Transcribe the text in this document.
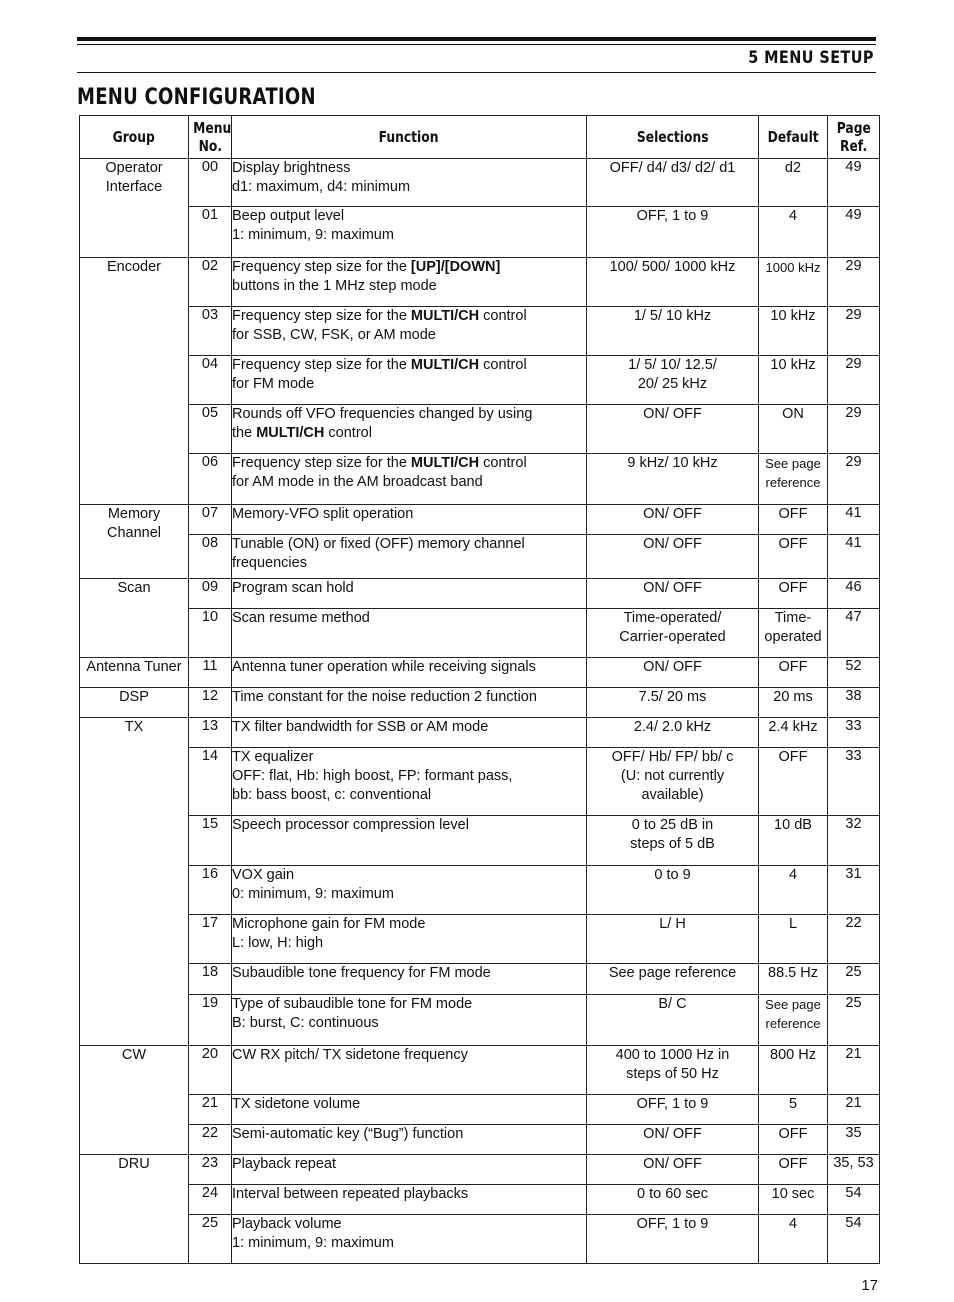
5 MENU SETUP
MENU CONFIGURATION
Group	Menu
No.	Function	Selections	Default	Page
Ref.
Operator Interface	00	Display brightness
d1: maximum, d4: minimum	OFF/ d4/ d3/ d2/ d1	d2	49
	01	Beep output level
1: minimum, 9: maximum	OFF, 1 to 9	4	49
Encoder	02	Frequency step size for the [UP]/[DOWN]
buttons in the 1 MHz step mode	100/ 500/ 1000 kHz	1000 kHz	29
	03	Frequency step size for the MULTI/CH control
for SSB, CW, FSK, or AM mode	1/ 5/ 10 kHz	10 kHz	29
	04	Frequency step size for the MULTI/CH control
for FM mode	1/ 5/ 10/ 12.5/
20/ 25 kHz	10 kHz	29
	05	Rounds off VFO frequencies changed by using
the MULTI/CH control	ON/ OFF	ON	29
	06	Frequency step size for the MULTI/CH control
for AM mode in the AM broadcast band	9 kHz/ 10 kHz	See page
reference	29
Memory Channel	07	Memory-VFO split operation	ON/ OFF	OFF	41
	08	Tunable (ON) or fixed (OFF) memory channel
frequencies	ON/ OFF	OFF	41
Scan	09	Program scan hold	ON/ OFF	OFF	46
	10	Scan resume method	Time-operated/
Carrier-operated	Time-
operated	47
Antenna Tuner	11	Antenna tuner operation while receiving signals	ON/ OFF	OFF	52
DSP	12	Time constant for the noise reduction 2 function	7.5/ 20 ms	20 ms	38
TX	13	TX filter bandwidth for SSB or AM mode	2.4/ 2.0 kHz	2.4 kHz	33
	14	TX equalizer
OFF: flat, Hb: high boost, FP: formant pass,
bb: bass boost, c: conventional	OFF/ Hb/ FP/ bb/ c
(U: not currently
available)	OFF	33
	15	Speech processor compression level	0 to 25 dB in
steps of 5 dB	10 dB	32
	16	VOX gain
0: minimum, 9: maximum	0 to 9	4	31
	17	Microphone gain for FM mode
L: low, H: high	L/ H	L	22
	18	Subaudible tone frequency for FM mode	See page reference	88.5 Hz	25
	19	Type of subaudible tone for FM mode
B: burst, C: continuous	B/ C	See page
reference	25
CW	20	CW RX pitch/ TX sidetone frequency	400 to 1000 Hz in
steps of 50 Hz	800 Hz	21
	21	TX sidetone volume	OFF, 1 to 9	5	21
	22	Semi-automatic key (“Bug”) function	ON/ OFF	OFF	35
DRU	23	Playback repeat	ON/ OFF	OFF	35, 53
	24	Interval between repeated playbacks	0 to 60 sec	10 sec	54
	25	Playback volume
1: minimum, 9: maximum	OFF, 1 to 9	4	54
17
